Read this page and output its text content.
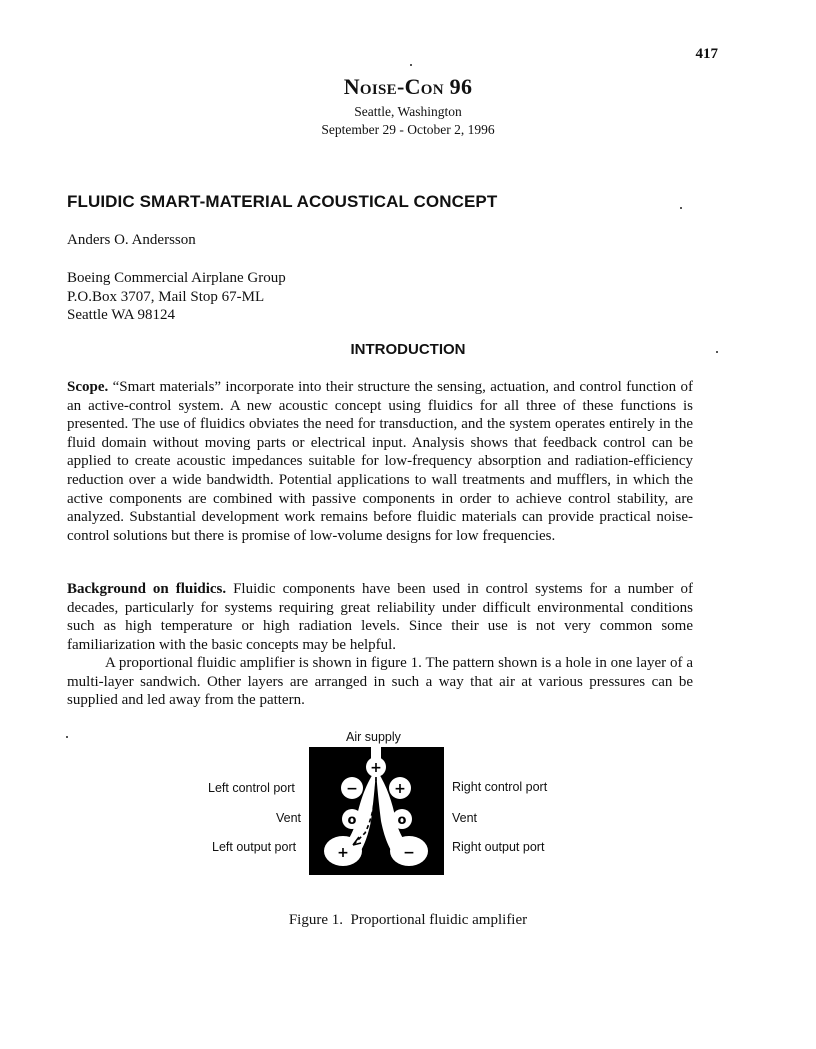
417
Noise-Con 96
Seattle, Washington
September 29 - October 2, 1996
FLUIDIC SMART-MATERIAL ACOUSTICAL CONCEPT
Anders O. Andersson
Boeing Commercial Airplane Group
P.O.Box 3707, Mail Stop 67-ML
Seattle WA 98124
INTRODUCTION
Scope. “Smart materials” incorporate into their structure the sensing, actuation, and control function of an active-control system. A new acoustic concept using fluidics for all three of these functions is presented. The use of fluidics obviates the need for transduction, and the system operates entirely in the fluid domain without moving parts or electrical input. Analysis shows that feedback control can be applied to create acoustic impedances suitable for low-frequency absorption and radiation-efficiency reduction over a wide bandwidth. Potential applications to wall treatments and mufflers, in which the active components are combined with passive components in order to achieve control stability, are analyzed. Substantial development work remains before fluidic materials can provide practical noise-control solutions but there is promise of low-volume designs for low frequencies.
Background on fluidics. Fluidic components have been used in control systems for a number of decades, particularly for systems requiring great reliability under difficult environmental conditions such as high temperature or high radiation levels. Since their use is not very common some familiarization with the basic concepts may be helpful.
A proportional fluidic amplifier is shown in figure 1. The pattern shown is a hole in one layer of a multi-layer sandwich. Other layers are arranged in such a way that air at various pressures can be supplied and led away from the pattern.
Air supply
Left control port	Right control port
Vent	Vent
Left output port	Right output port
+
−	+
o	o
+	−
Figure 1.  Proportional fluidic amplifier
